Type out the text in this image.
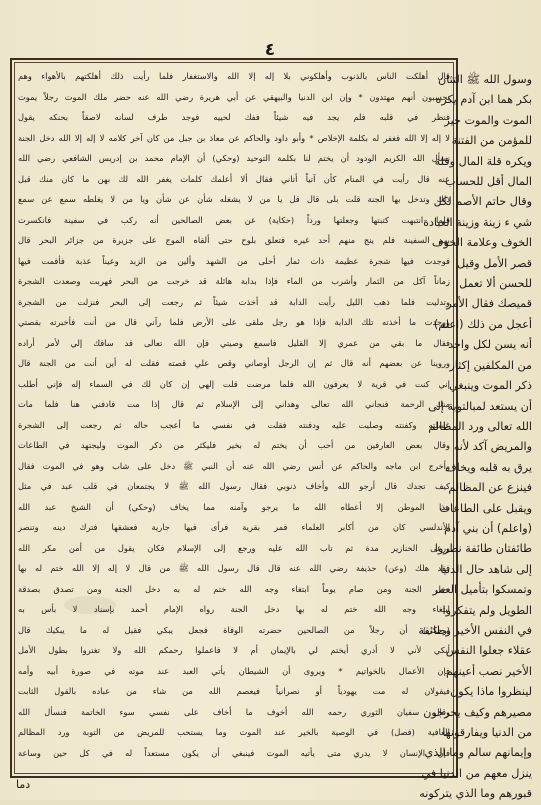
٤
قال أهلكت الناس بالذنوب وأهلكوني بلا إله إلا الله والاستغفار فلما رأيت ذلك أهلكتهم بالأهواء وهم
يحسبون أنهم مهتدون * وإن ابن الدنيا والبيهقي عن أبي هريرة رضي الله عنه حضر ملك الموت رجلاً يموت
فنظر في قلبه فلم يجد فيه شيئاً ففك لحييه فوجد طرف لسانه لاصقاً بحنكه يقول
لا إله إلا الله فغفر له بكلمة الإخلاص * وأبو داود والحاكم عن معاذ بن جبل من كان آخر كلامه لا إله إلا الله دخل الجنة
نسأل الله الكريم الودود أن يختم لنا بكلمة التوحيد (وحكي) أن الإمام محمد بن إدريس الشافعي رضي الله
عنه قال رأيت في المنام كأن آتياً أتاني فقال ألا أعلمك كلمات يغفر الله لك بهن ما كان منك قبل
ذلك وتدخل بها الجنة قلت بلى قال قل يا من لا يشغله شأن عن شأن ويا من لا يغلطه سمع عن سمع
فلما انتبهت كتبتها وجعلتها ورداً (حكاية) عن بعض الصالحين أنه ركب في سفينة فانكسرت
بهم السفينة فلم ينج منهم أحد غيره فتعلق بلوح حتى ألقاه الموج على جزيرة من جزائر البحر قال
فوجدت فيها شجرة عظيمة ذات ثمار أحلى من الشهد وألين من الزبد وعيناً عذبة فأقمت فيها
زماناً آكل من الثمار وأشرب من الماء فإذا بدابة هائلة قد خرجت من البحر فهربت وصعدت الشجرة
وتدليت فلما ذهب الليل رأيت الدابة قد أخذت شيئاً ثم رجعت إلى البحر فنزلت من الشجرة
ووجدت ما أخذته تلك الدابة فإذا هو رجل ملقى على الأرض فلما رآني قال من أنت فأخبرته بقصتي
فقال ما بقي من عمري إلا القليل فاسمع وصيتي فإن الله تعالى قد ساقك إلي لأمر أراده
وروينا عن بعضهم أنه قال ثم إن الرجل أوصاني وقص علي قصته فقلت له أين أنت من الجنة قال
إني كنت في قرية لا يعرفون الله فلما مرضت قلت إلهي إن كان لك في السماء إله فإني أطلب
منك الرحمة فنجاني الله تعالى وهداني إلى الإسلام ثم قال إذا مت فادفني هنا فلما مات
غسلته وكفنته وصليت عليه ودفنته فقلت في نفسي ما أعجب حاله ثم رجعت إلى الشجرة
وقال بعض العارفين من أحب أن يختم له بخير فليكثر من ذكر الموت وليجتهد في الطاعات
وأخرج ابن ماجه والحاكم عن أنس رضي الله عنه أن النبي ﷺ دخل على شاب وهو في الموت فقال
كيف تجدك قال أرجو الله وأخاف ذنوبي فقال رسول الله ﷺ لا يجتمعان في قلب عبد في مثل
هذا الموطن إلا أعطاه الله ما يرجو وآمنه مما يخاف (وحكي) أن الشيخ عبد الله
الأندلسي كان من أكابر العلماء فمر بقرية فرأى فيها جارية فعشقها فترك دينه وتنصر
ورعى الخنازير مدة ثم تاب الله عليه ورجع إلى الإسلام فكان يقول من أمن مكر الله
فقد هلك (وعن) حذيفة رضي الله عنه قال قال رسول الله ﷺ من قال لا إله إلا الله ختم له بها
دخل الجنة ومن صام يوماً ابتغاء وجه الله ختم له به دخل الجنة ومن تصدق بصدقة
ابتغاء وجه الله ختم له بها دخل الجنة رواه الإمام أحمد بإسناد لا بأس به
(وحكي) أن رجلاً من الصالحين حضرته الوفاة فجعل يبكي فقيل له ما يبكيك قال
أبكي لأني لا أدري أيختم لي بالإيمان أم لا فاعملوا رحمكم الله ولا تغتروا بطول الأمل
فإن الأعمال بالخواتيم * ويروى أن الشيطان يأتي العبد عند موته في صورة أبيه وأمه
فيقولان له مت يهودياً أو نصرانياً فيعصم الله من شاء من عباده بالقول الثابت
وقال سفيان الثوري رحمه الله أخوف ما أخاف على نفسي سوء الخاتمة فنسأل الله
العافية (فصل) في الوصية بالخير عند الموت وما يستحب للمريض من التوبة ورد المظالم
فإن الإنسان لا يدري متى يأتيه الموت فينبغي أن يكون مستعداً له في كل حين وساعة
وسول الله ﷺ التثان
بكر هما ابن آدم يكره
الموت والموت خير
للمؤمن من الفتنة
ويكره قلة المال وقلة
المال أقل للحساب
وقال حاتم الأصم لكل
شي ء زينة وزينة العبادة
الخوف وعلامة الخوف
قصر الأمل وقيل
للحسن ألا تعمل
قميصك فقال الأمر
أعجل من ذلك (اعلم)
أنه يسن لكل واحد
من المكلفين إكثار
ذكر الموت وينبغي
أن يستعد لمبالتوبة إلى
الله تعالى ورد المظالم
والمريض آكد لأنه
يرق به قلبه ويخاف
فينزع عن المظالم
ويقبل على الطاعات
(واعلم) أن بني آدم
طائفتان طائفة نظروا
إلى شاهد حال الدنيا
وتمسكوا بتأميل العمر
الطويل ولم يتفكروا
في النفس الأخير وطائفة
عقلاء جعلوا النفس
الأخير نصب أعينهم
لينظروا ماذا يكون
مصيرهم وكيف يخرجون
من الدنيا ويفارقونها
وإيمانهم سالم وما الذي
ينزل معهم من الدنيا في
قبورهم وما الذي يتركونه
دما
